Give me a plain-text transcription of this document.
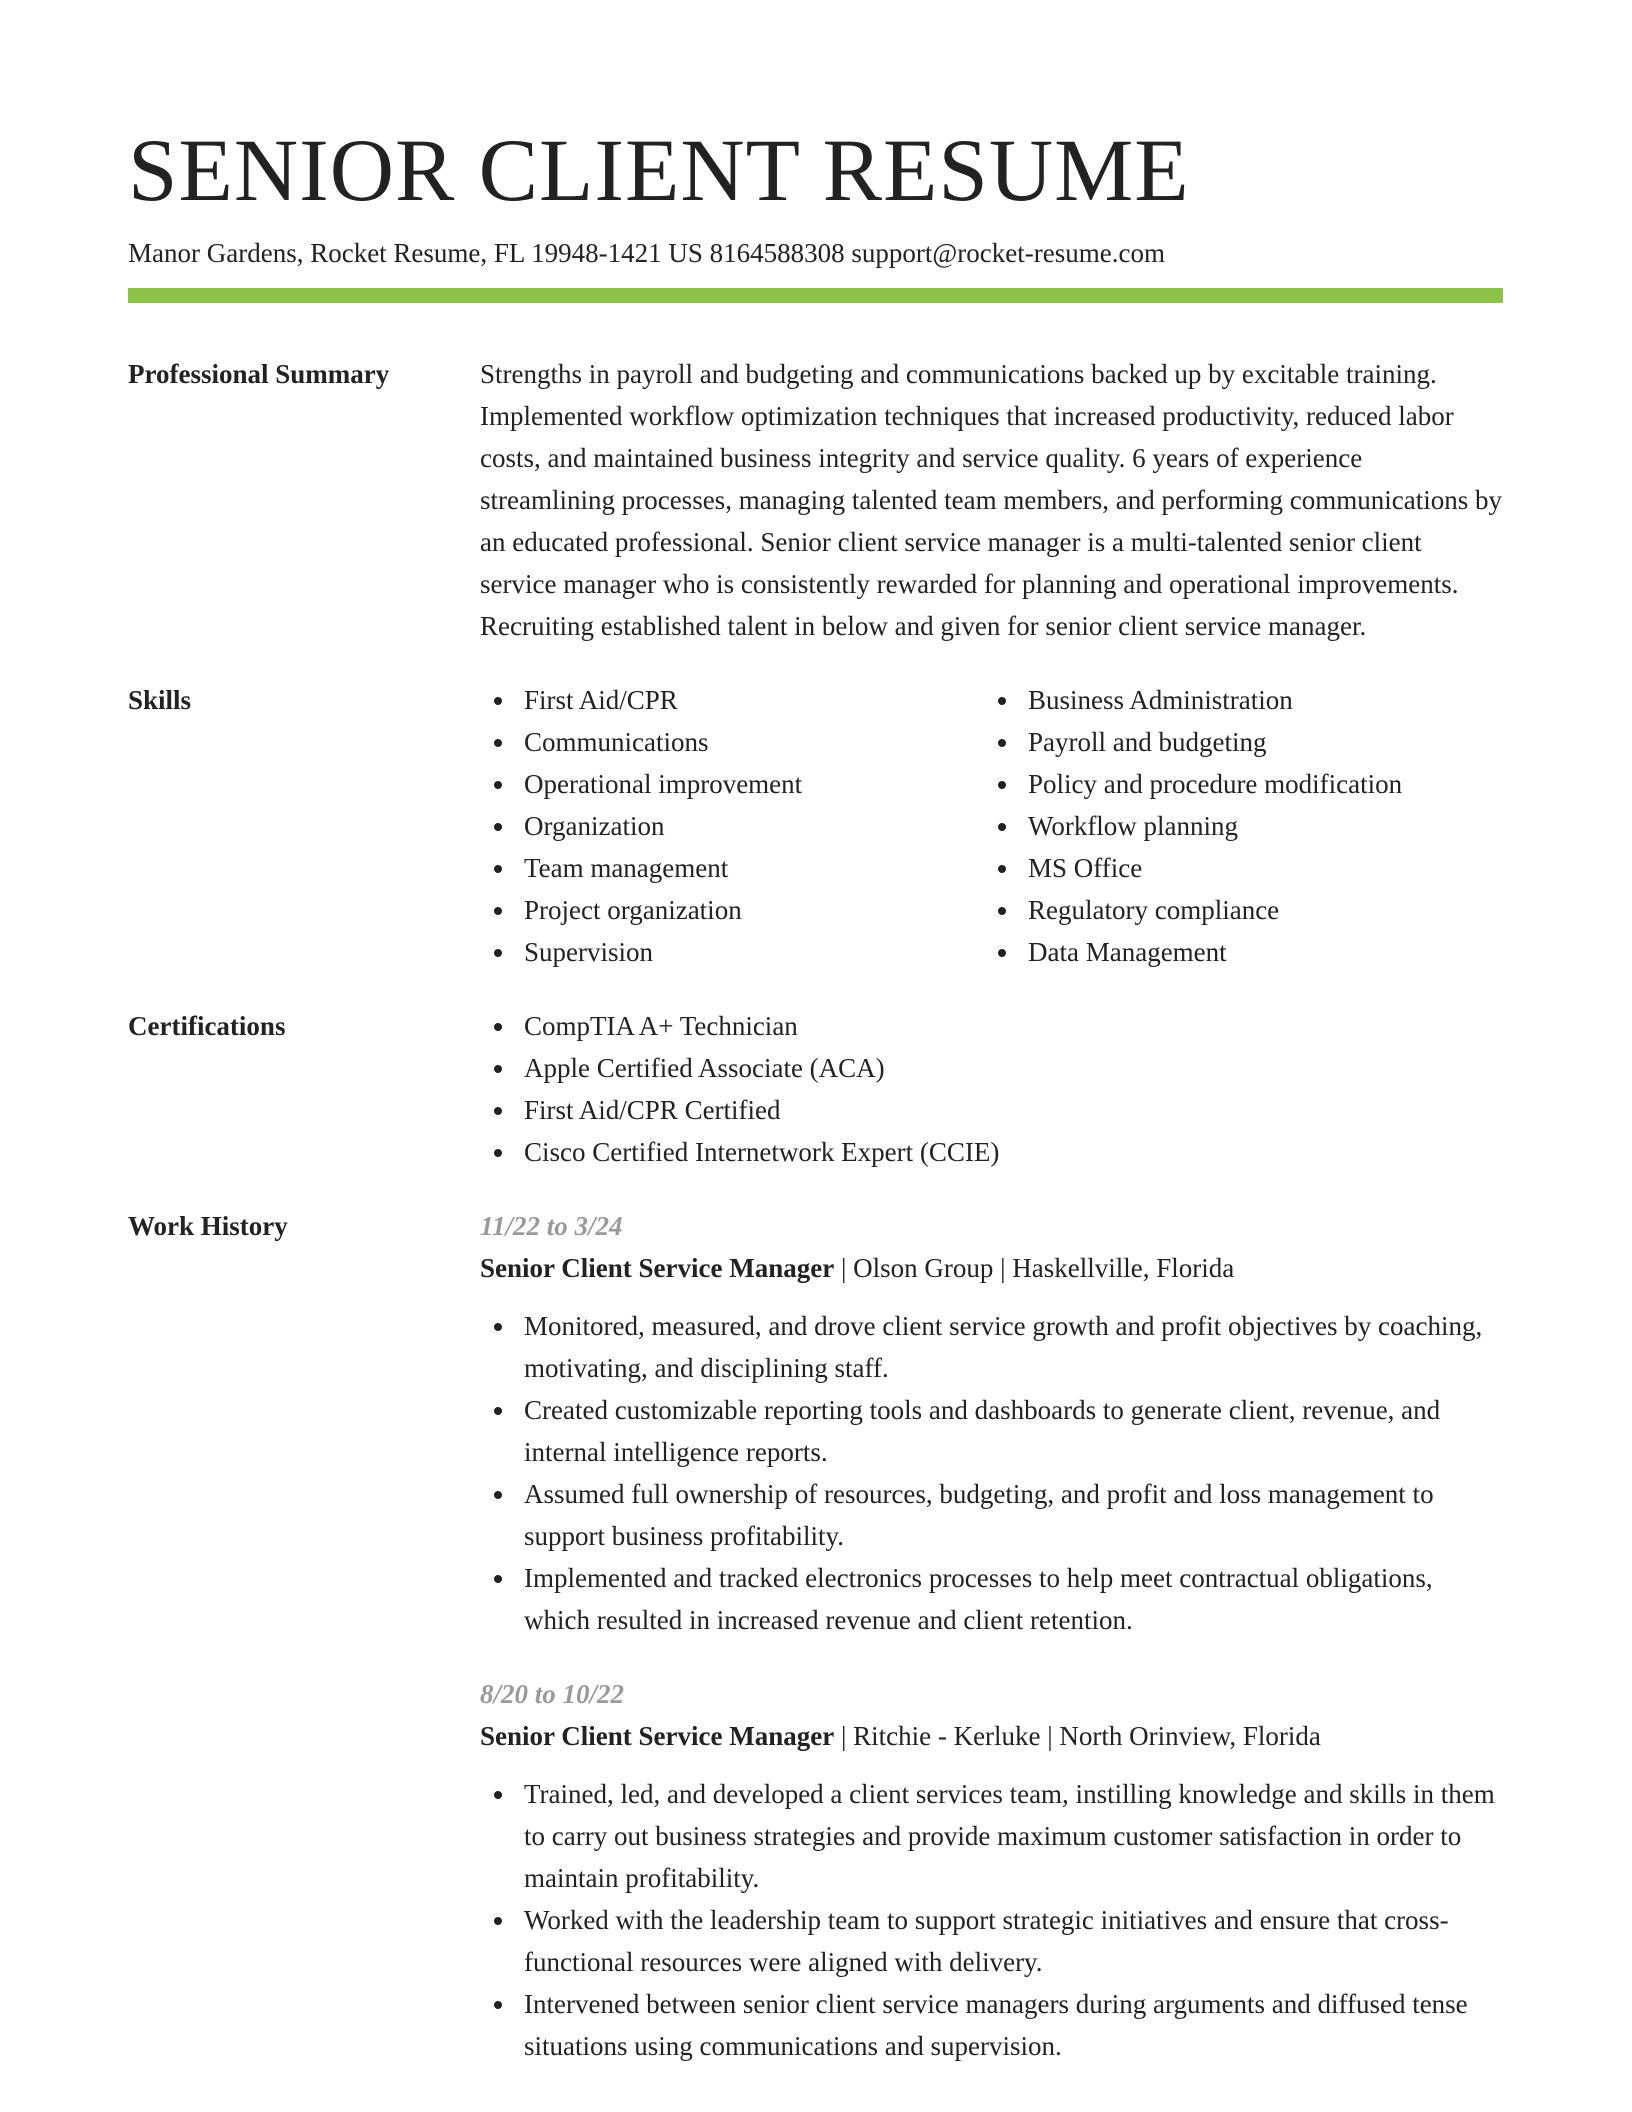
SENIOR CLIENT RESUME
Manor Gardens, Rocket Resume, FL 19948-1421 US 8164588308 support@rocket-resume.com
Professional Summary	Strengths in payroll and budgeting and communications backed up by excitable training. Implemented workflow optimization techniques that increased productivity, reduced labor costs, and maintained business integrity and service quality. 6 years of experience streamlining processes, managing talented team members, and performing communications by an educated professional. Senior client service manager is a multi-talented senior client service manager who is consistently rewarded for planning and operational improvements. Recruiting established talent in below and given for senior client service manager.
Skills	First Aid/CPR
Communications
Operational improvement
Organization
Team management
Project organization
Supervision
Business Administration
Payroll and budgeting
Policy and procedure modification
Workflow planning
MS Office
Regulatory compliance
Data Management
Certifications	CompTIA A+ Technician
Apple Certified Associate (ACA)
First Aid/CPR Certified
Cisco Certified Internetwork Expert (CCIE)
Work History	11/22 to 3/24
Senior Client Service Manager | Olson Group | Haskellville, Florida
Monitored, measured, and drove client service growth and profit objectives by coaching, motivating, and disciplining staff.
Created customizable reporting tools and dashboards to generate client, revenue, and internal intelligence reports.
Assumed full ownership of resources, budgeting, and profit and loss management to support business profitability.
Implemented and tracked electronics processes to help meet contractual obligations, which resulted in increased revenue and client retention.
8/20 to 10/22
Senior Client Service Manager | Ritchie - Kerluke | North Orinview, Florida
Trained, led, and developed a client services team, instilling knowledge and skills in them to carry out business strategies and provide maximum customer satisfaction in order to maintain profitability.
Worked with the leadership team to support strategic initiatives and ensure that cross-functional resources were aligned with delivery.
Intervened between senior client service managers during arguments and diffused tense situations using communications and supervision.
